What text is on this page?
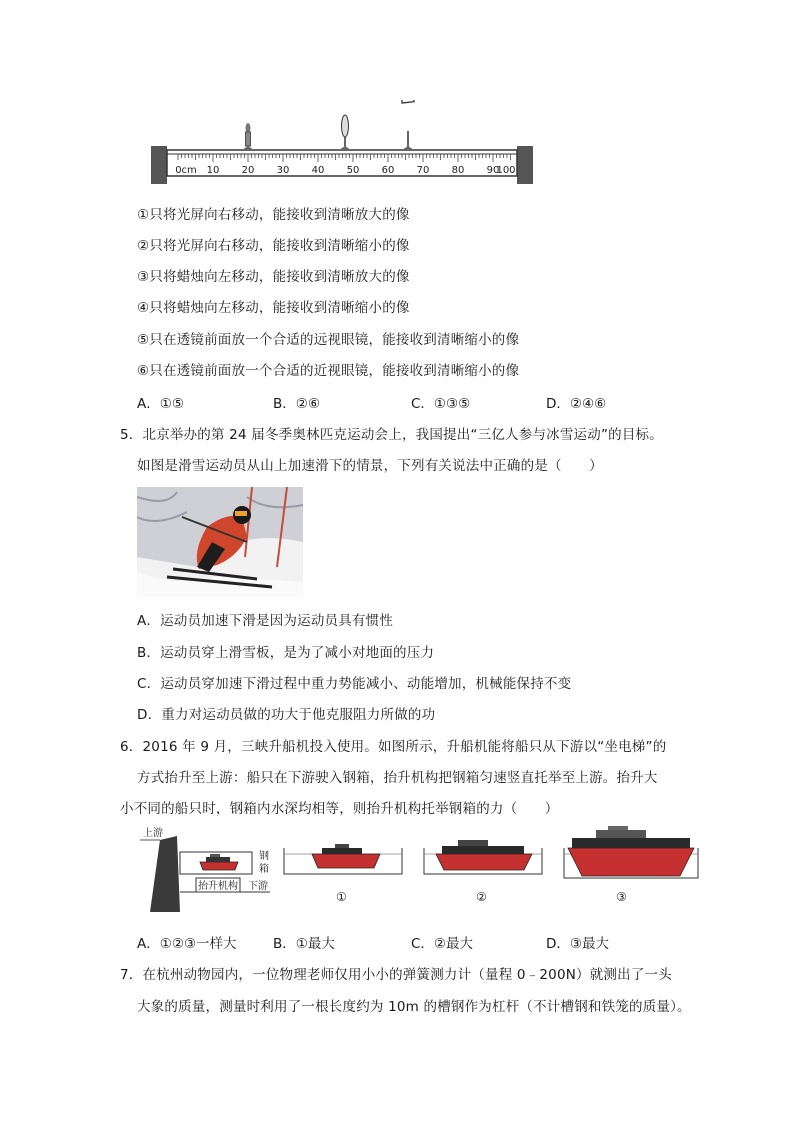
0cm 10 20 30 40 50 60 70 80 90
100
①只将光屏向右移动，能接收到清晰放大的像
②只将光屏向右移动，能接收到清晰缩小的像
③只将蜡烛向左移动，能接收到清晰放大的像
④只将蜡烛向左移动，能接收到清晰缩小的像
⑤只在透镜前面放一个合适的远视眼镜，能接收到清晰缩小的像
⑥只在透镜前面放一个合适的近视眼镜，能接收到清晰缩小的像
A．①⑤	B．②⑥	C．①③⑤	D．②④⑥
5．北京举办的第 24 届冬季奥林匹克运动会上，我国提出“三亿人参与冰雪运动”的目标。
如图是滑雪运动员从山上加速滑下的情景，下列有关说法中正确的是（　　）
A．运动员加速下滑是因为运动员具有惯性
B．运动员穿上滑雪板，是为了减小对地面的压力
C．运动员穿加速下滑过程中重力势能减小、动能增加，机械能保持不变
D．重力对运动员做的功大于他克服阻力所做的功
6．2016 年 9 月，三峡升船机投入使用。如图所示，升船机能将船只从下游以“坐电梯”的
方式抬升至上游：船只在下游驶入钢箱，抬升机构把钢箱匀速竖直托举至上游。抬升大
小不同的船只时，钢箱内水深均相等，则抬升机构托举钢箱的力（　　）
上游
钢
箱
抬升机构 下游
①	②	③
A．①②③一样大	B．①最大	C．②最大	D．③最大
7．在杭州动物园内，一位物理老师仅用小小的弹簧测力计（量程 0﹣200N）就测出了一头
大象的质量，测量时利用了一根长度约为 10m 的槽钢作为杠杆（不计槽钢和铁笼的质量）。
